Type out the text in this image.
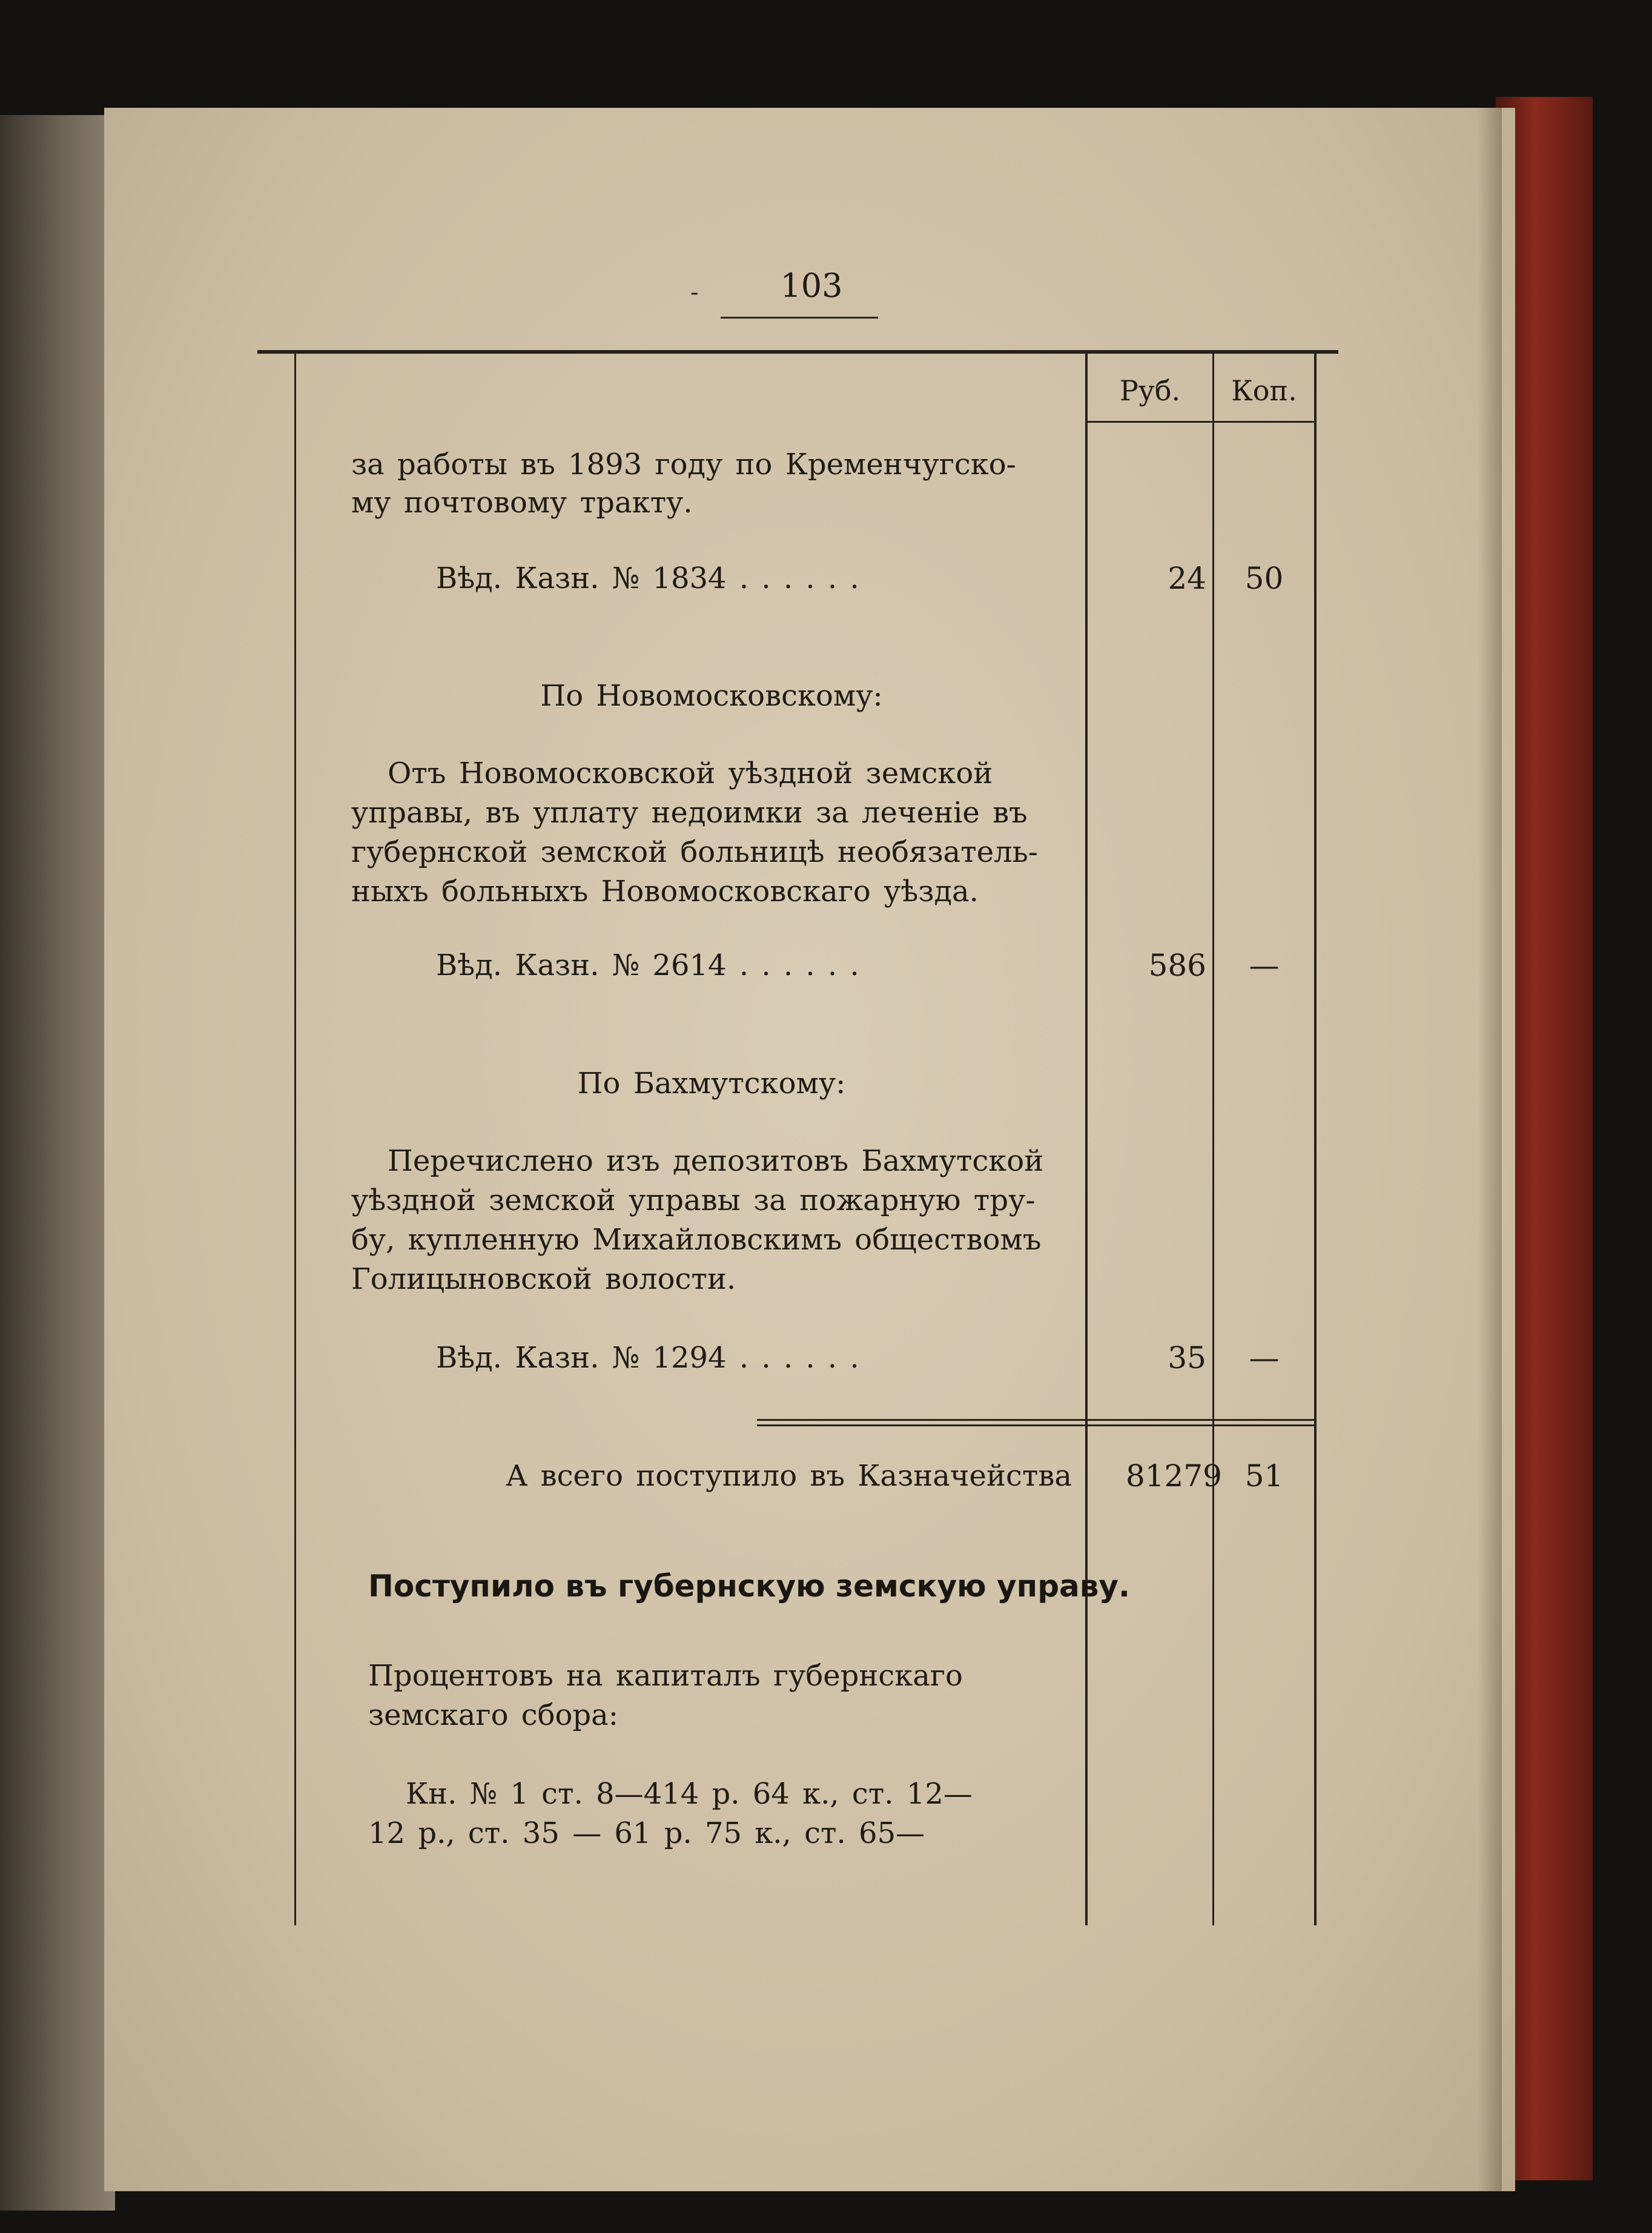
-	103
Руб.	Коп.
за работы въ 1893 году по Кременчугско-
му почтовому тракту.
Вѣд. Казн. № 1834 . . . . . .	24	50
По Новомосковскому:
Отъ Новомосковской уѣздной земской
управы, въ уплату недоимки за леченіе въ
губернской земской больницѣ необязатель-
ныхъ больныхъ Новомосковскаго уѣзда.
Вѣд. Казн. № 2614 . . . . . .	586	—
По Бахмутскому:
Перечислено изъ депозитовъ Бахмутской
уѣздной земской управы за пожарную тру-
бу, купленную Михайловскимъ обществомъ
Голицыновской волости.
Вѣд. Казн. № 1294 . . . . . .	35	—
А всего поступило въ Казначейства	81279 51
Поступило въ губернскую земскую управу.
Процентовъ на капиталъ губернскаго
земскаго сбора:
Кн. № 1 ст. 8—414 р. 64 к., ст. 12—
12 р., ст. 35 — 61 р. 75 к., ст. 65—
